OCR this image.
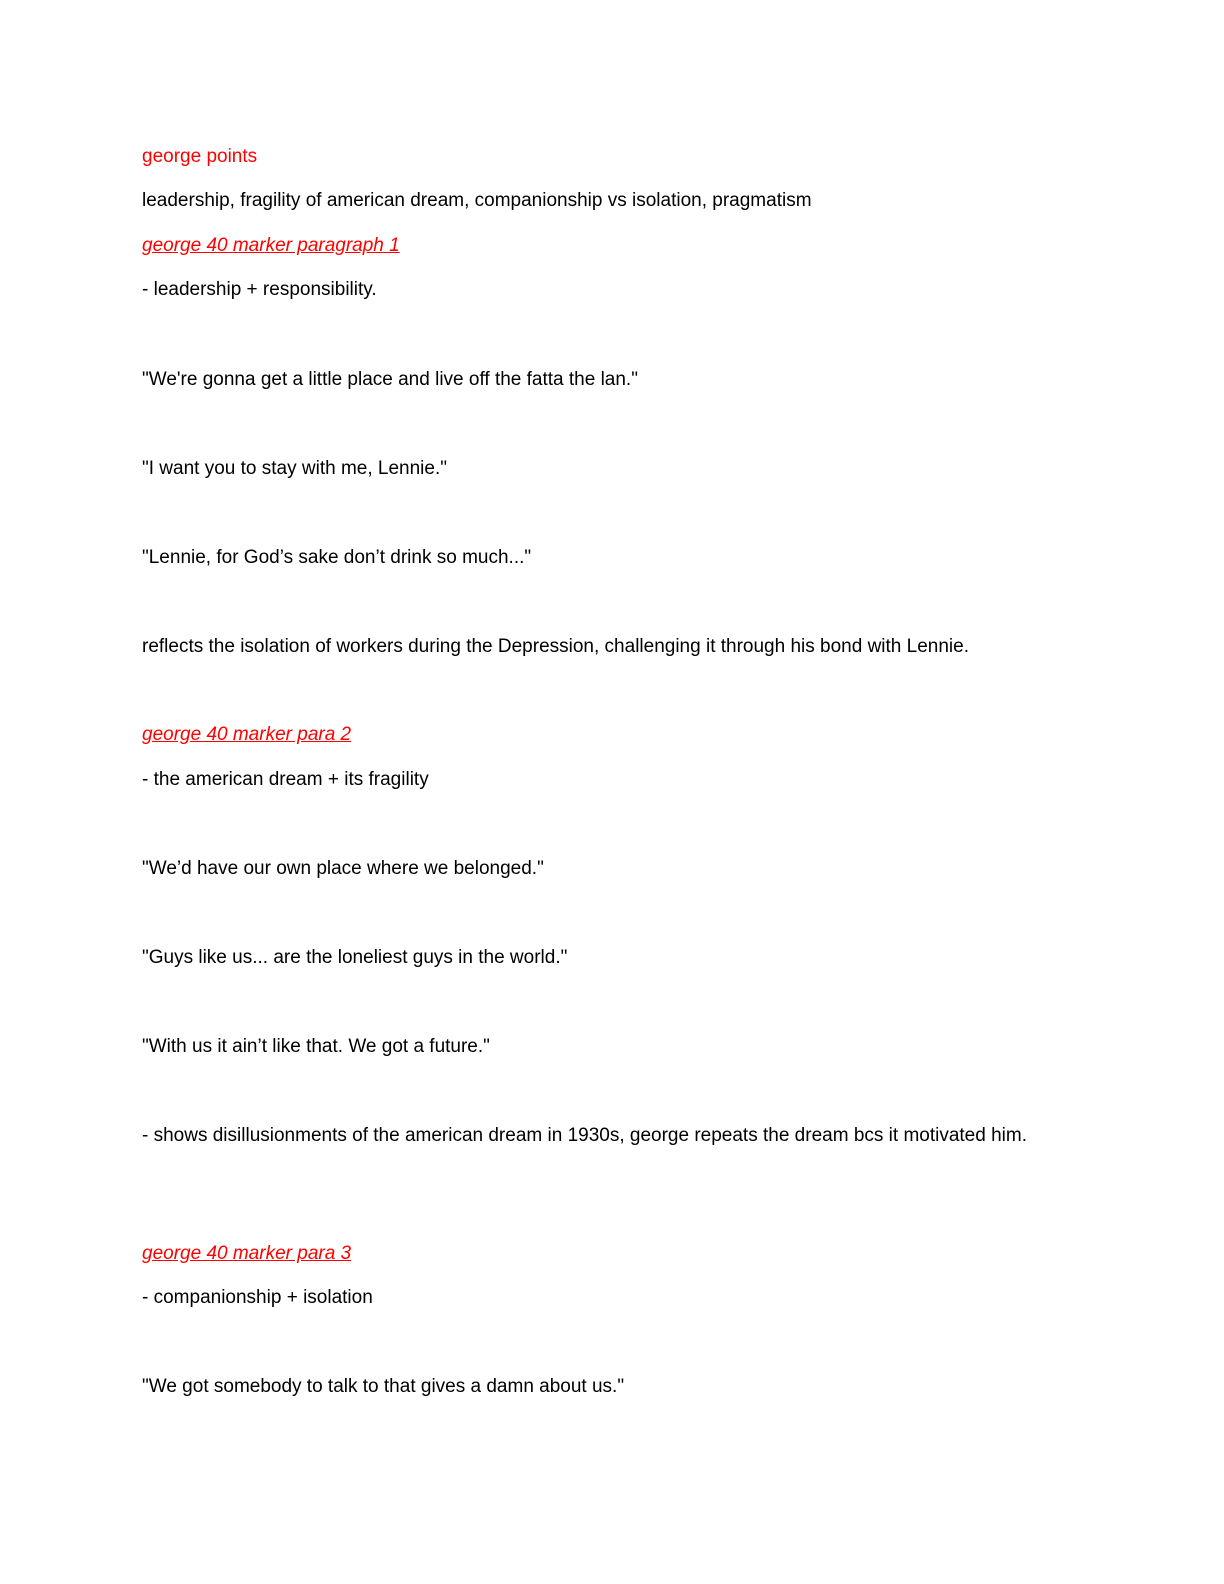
george points

leadership, fragility of american dream, companionship vs isolation, pragmatism

george 40 marker paragraph 1

- leadership + responsibility.

"We're gonna get a little place and live off the fatta the lan."

"I want you to stay with me, Lennie."

"Lennie, for God’s sake don’t drink so much..."

reflects the isolation of workers during the Depression, challenging it through his bond with Lennie.

george 40 marker para 2

- the american dream + its fragility

"We’d have our own place where we belonged."

"Guys like us... are the loneliest guys in the world."

"With us it ain’t like that. We got a future."

- shows disillusionments of the american dream in 1930s, george repeats the dream bcs it motivated him.

george 40 marker para 3

- companionship + isolation

"We got somebody to talk to that gives a damn about us."
